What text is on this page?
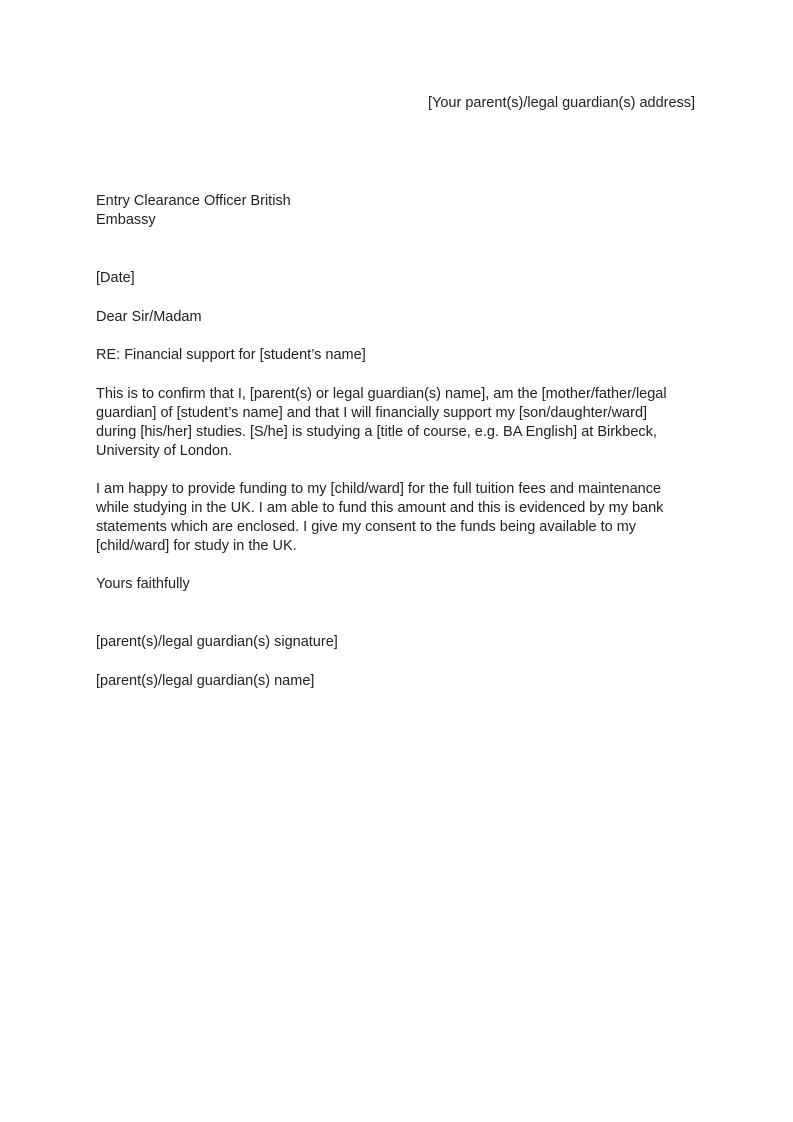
[Your parent(s)/legal guardian(s) address]
Entry Clearance Officer British
Embassy
[Date]
Dear Sir/Madam
RE: Financial support for [student’s name]
This is to confirm that I, [parent(s) or legal guardian(s) name], am the [mother/father/legal
guardian] of [student’s name] and that I will financially support my [son/daughter/ward]
during [his/her] studies. [S/he] is studying a [title of course, e.g. BA English] at Birkbeck,
University of London.
I am happy to provide funding to my [child/ward] for the full tuition fees and maintenance
while studying in the UK. I am able to fund this amount and this is evidenced by my bank
statements which are enclosed. I give my consent to the funds being available to my
[child/ward] for study in the UK.
Yours faithfully
[parent(s)/legal guardian(s) signature]
[parent(s)/legal guardian(s) name]
